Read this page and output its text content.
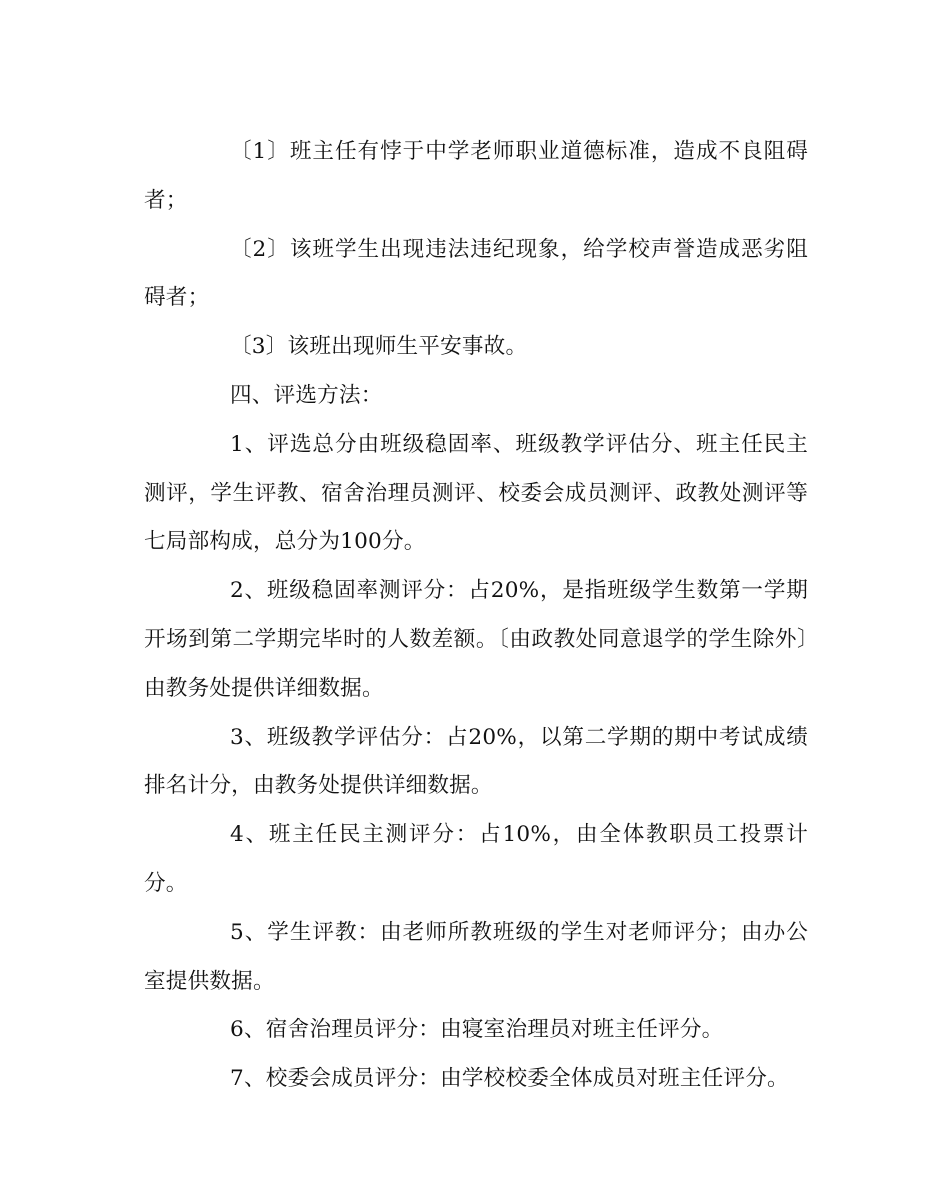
〔1〕班主任有悖于中学老师职业道德标准，造成不良阻碍者；

〔2〕该班学生出现违法违纪现象，给学校声誉造成恶劣阻碍者；

〔3〕该班出现师生平安事故。

四、评选方法：

1、评选总分由班级稳固率、班级教学评估分、班主任民主测评，学生评教、宿舍治理员测评、校委会成员测评、政教处测评等七局部构成，总分为100分。

2、班级稳固率测评分：占20%，是指班级学生数第一学期开场到第二学期完毕时的人数差额。〔由政教处同意退学的学生除外〕由教务处提供详细数据。

3、班级教学评估分：占20%，以第二学期的期中考试成绩排名计分，由教务处提供详细数据。

4、班主任民主测评分：占10%，由全体教职员工投票计分。

5、学生评教：由老师所教班级的学生对老师评分；由办公室提供数据。

6、宿舍治理员评分：由寝室治理员对班主任评分。

7、校委会成员评分：由学校校委全体成员对班主任评分。
